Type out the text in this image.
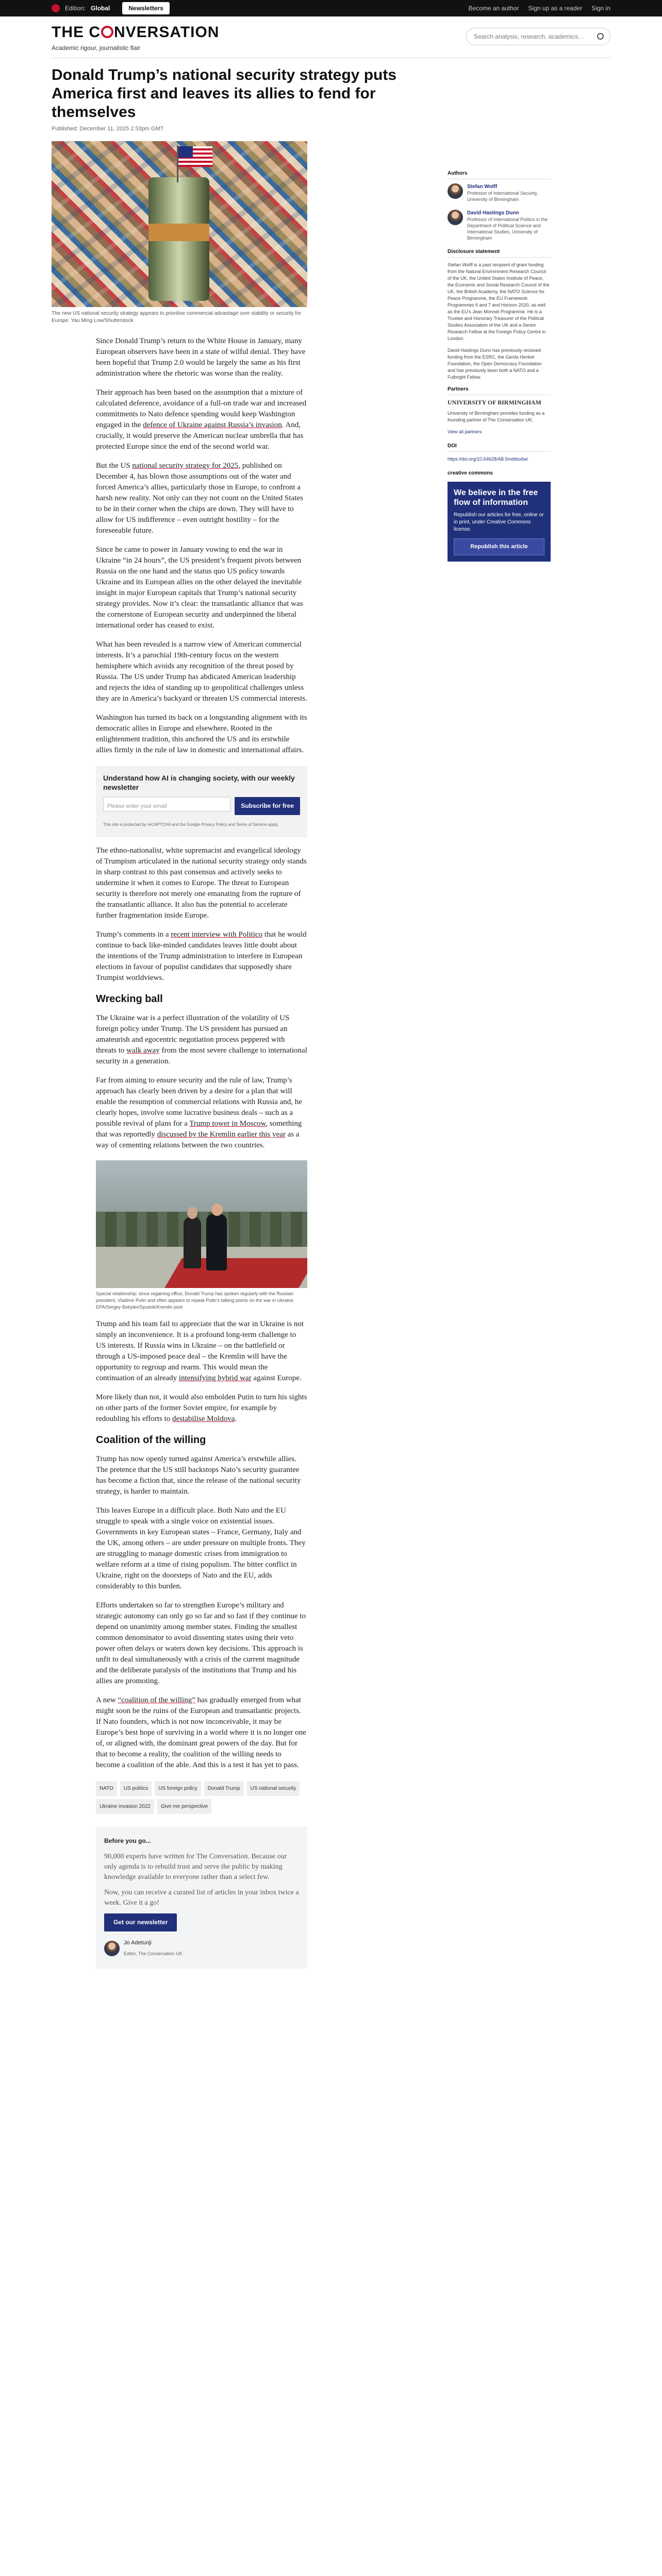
Edition: Global	Newsletters	Become an author Sign up as a reader Sign in
THE C NVERSATION
Academic rigour, journalistic flair
Search analysis, research, academics…
Donald Trump’s national security strategy puts America first and leaves its allies to fend for themselves
Published: December 11, 2025 2.53pm GMT
The new US national security strategy appears to prioritise commercial advantage over stability or security for Europe. Yau Ming Low/Shutterstock

Since Donald Trump’s return to the White House in January, many European observers have been in a state of wilful denial. They have been hopeful that Trump 2.0 would be largely the same as his first administration where the rhetoric was worse than the reality.

Their approach has been based on the assumption that a mixture of calculated deference, avoidance of a full-on trade war and increased commitments to Nato defence spending would keep Washington engaged in the defence of Ukraine against Russia’s invasion. And, crucially, it would preserve the American nuclear umbrella that has protected Europe since the end of the second world war.

But the US national security strategy for 2025, published on December 4, has blown those assumptions out of the water and forced America’s allies, particularly those in Europe, to confront a harsh new reality. Not only can they not count on the United States to be in their corner when the chips are down. They will have to allow for US indifference – even outright hostility – for the foreseeable future.

Since he came to power in January vowing to end the war in Ukraine “in 24 hours”, the US president’s frequent pivots between Russia on the one hand and the status quo US policy towards Ukraine and its European allies on the other delayed the inevitable insight in major European capitals that Trump’s national security strategy provides. Now it’s clear: the transatlantic alliance that was the cornerstone of European security and underpinned the liberal international order has ceased to exist.

What has been revealed is a narrow view of American commercial interests. It’s a parochial 19th-century focus on the western hemisphere which avoids any recognition of the threat posed by Russia. The US under Trump has abdicated American leadership and rejects the idea of standing up to geopolitical challenges unless they are in America’s backyard or threaten US commercial interests.

Washington has turned its back on a longstanding alignment with its democratic allies in Europe and elsewhere. Rooted in the enlightenment tradition, this anchored the US and its erstwhile allies firmly in the rule of law in domestic and international affairs.

Understand how AI is changing society, with our weekly newsletter
Please enter your email	Subscribe for free
This site is protected by reCAPTCHA and the Google Privacy Policy and Terms of Service apply.

The ethno-nationalist, white supremacist and evangelical ideology of Trumpism articulated in the national security strategy only stands in sharp contrast to this past consensus and actively seeks to undermine it when it comes to Europe. The threat to European security is therefore not merely one emanating from the rupture of the transatlantic alliance. It also has the potential to accelerate further fragmentation inside Europe.

Trump’s comments in a recent interview with Politico that he would continue to back like-minded candidates leaves little doubt about the intentions of the Trump administration to interfere in European elections in favour of populist candidates that supposedly share Trumpist worldviews.

Wrecking ball

The Ukraine war is a perfect illustration of the volatility of US foreign policy under Trump. The US president has pursued an amateurish and egocentric negotiation process peppered with threats to walk away from the most severe challenge to international security in a generation.

Far from aiming to ensure security and the rule of law, Trump’s approach has clearly been driven by a desire for a plan that will enable the resumption of commercial relations with Russia and, he clearly hopes, involve some lucrative business deals – such as a possible revival of plans for a Trump tower in Moscow, something that was reportedly discussed by the Kremlin earlier this year as a way of cementing relations between the two countries.

Special relationship: since regaining office, Donald Trump has spoken regularly with the Russian president, Vladimir Putin and often appears to repeat Putin’s talking points on the war in Ukraine. EPA/Sergey Bobylev/Sputnik/Kremlin pool

Trump and his team fail to appreciate that the war in Ukraine is not simply an inconvenience. It is a profound long-term challenge to US interests. If Russia wins in Ukraine – on the battlefield or through a US-imposed peace deal – the Kremlin will have the opportunity to regroup and rearm. This would mean the continuation of an already intensifying hybrid war against Europe.

More likely than not, it would also embolden Putin to turn his sights on other parts of the former Soviet empire, for example by redoubling his efforts to destabilise Moldova.

Coalition of the willing

Trump has now openly turned against America’s erstwhile allies. The pretence that the US still backstops Nato’s security guarantee has become a fiction that, since the release of the national security strategy, is harder to maintain.

This leaves Europe in a difficult place. Both Nato and the EU struggle to speak with a single voice on existential issues. Governments in key European states – France, Germany, Italy and the UK, among others – are under pressure on multiple fronts. They are struggling to manage domestic crises from immigration to welfare reform at a time of rising populism. The bitter conflict in Ukraine, right on the doorsteps of Nato and the EU, adds considerably to this burden.

Efforts undertaken so far to strengthen Europe’s military and strategic autonomy can only go so far and so fast if they continue to depend on unanimity among member states. Finding the smallest common denominator to avoid dissenting states using their veto power often delays or waters down key decisions. This approach is unfit to deal simultaneously with a crisis of the current magnitude and the deliberate paralysis of the institutions that Trump and his allies are promoting.

A new “coalition of the willing” has gradually emerged from what might soon be the ruins of the European and transatlantic projects. If Nato founders, which is not now inconceivable, it may be Europe’s best hope of surviving in a world where it is no longer one of, or aligned with, the dominant great powers of the day. But for that to become a reality, the coalition of the willing needs to become a coalition of the able. And this is a test it has yet to pass.

NATO	US politics	US foreign policy	Donald Trump	US national security
Ukraine invasion 2022	Give me perspective
Before you go...

90,000 experts have written for The Conversation. Because our only agenda is to rebuild trust and serve the public by making knowledge available to everyone rather than a select few.

Now, you can receive a curated list of articles in your inbox twice a week. Give it a go!

Get our newsletter
Jo Adetunji
Editor, The Conversation UK
Authors
Stefan Wolff
Professor of International Security, University of Birmingham
David Hastings Dunn
Professor of International Politics in the Department of Political Science and International Studies, University of Birmingham
Disclosure statement
Stefan Wolff is a past recipient of grant funding from the Natural Environment Research Council of the UK, the United States Institute of Peace, the Economic and Social Research Council of the UK, the British Academy, the NATO Science for Peace Programme, the EU Framework Programmes 6 and 7 and Horizon 2020, as well as the EU's Jean Monnet Programme. He is a Trustee and Honorary Treasurer of the Political Studies Association of the UK and a Senior Research Fellow at the Foreign Policy Centre in London.
David Hastings Dunn has previously received funding from the ESRC, the Gerda Henkel Foundation, the Open Democracy Foundation and has previously been both a NATO and a Fulbright Fellow.
Partners
UNIVERSITY OF BIRMINGHAM
University of Birmingham provides funding as a founding partner of The Conversation UK.
View all partners
DOI
https://doi.org/10.64628/AB.5mddsx6ar
creative commons
We believe in the free flow of information
Republish our articles for free, online or in print, under Creative Commons license.
Republish this article
